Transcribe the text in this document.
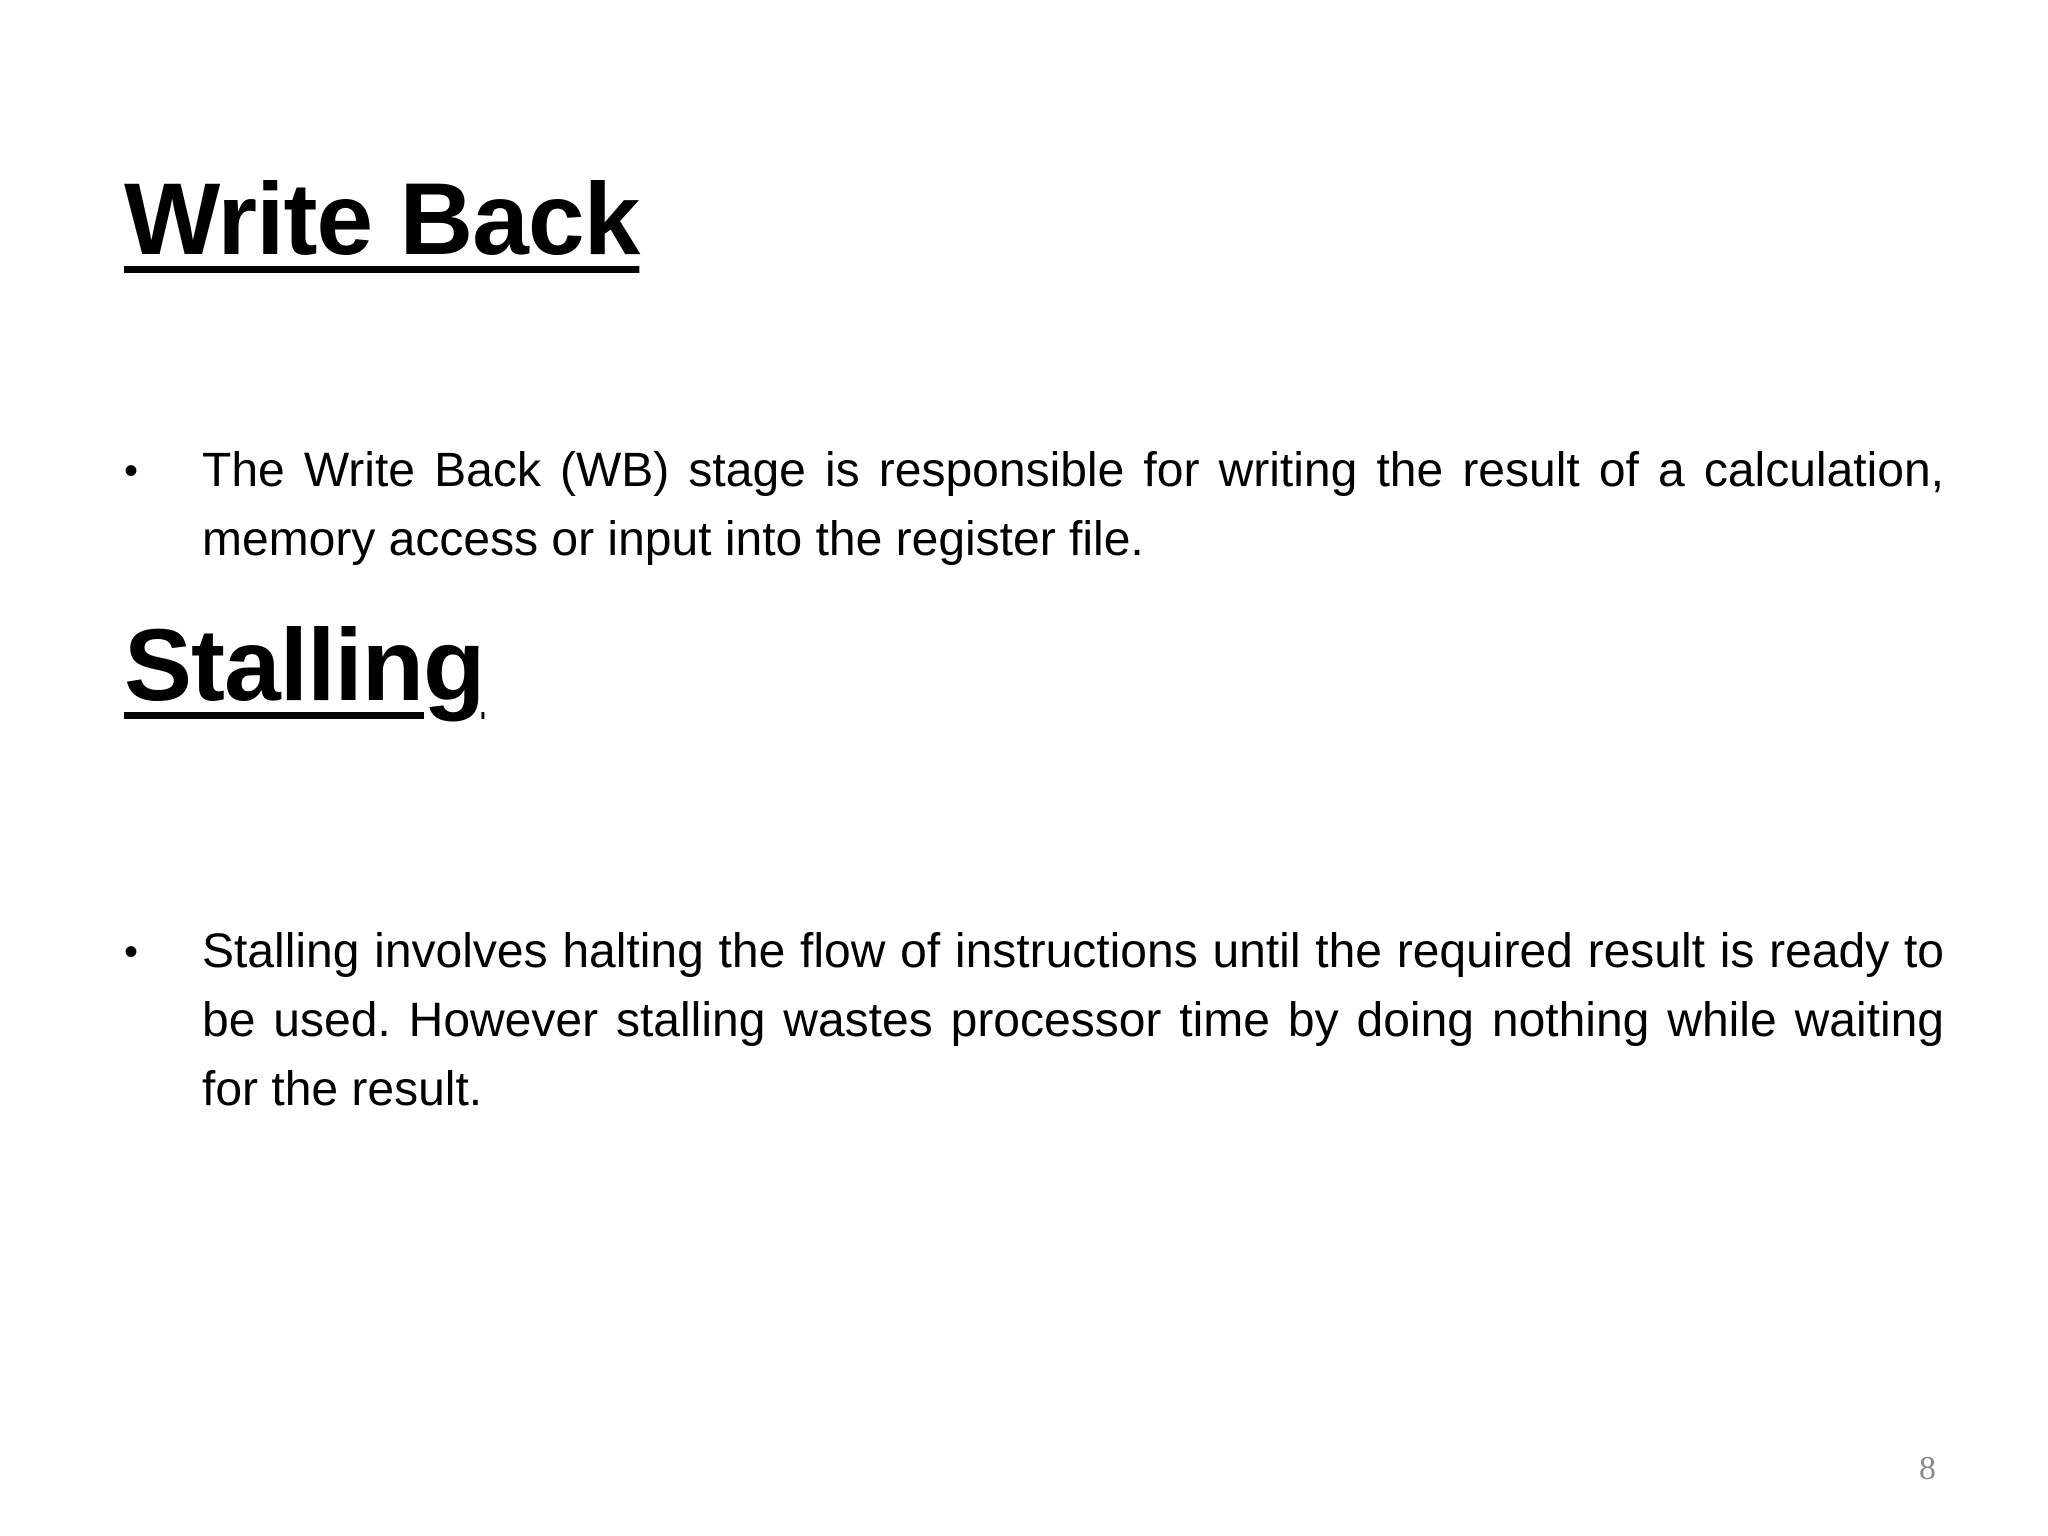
Write Back
•	The Write Back (WB) stage is responsible for writing the result of a calculation, memory access or input into the register file.

Stalling
•	Stalling involves halting the flow of instructions until the required result is ready to be used. However stalling wastes processor time by doing nothing while waiting for the result.

8
